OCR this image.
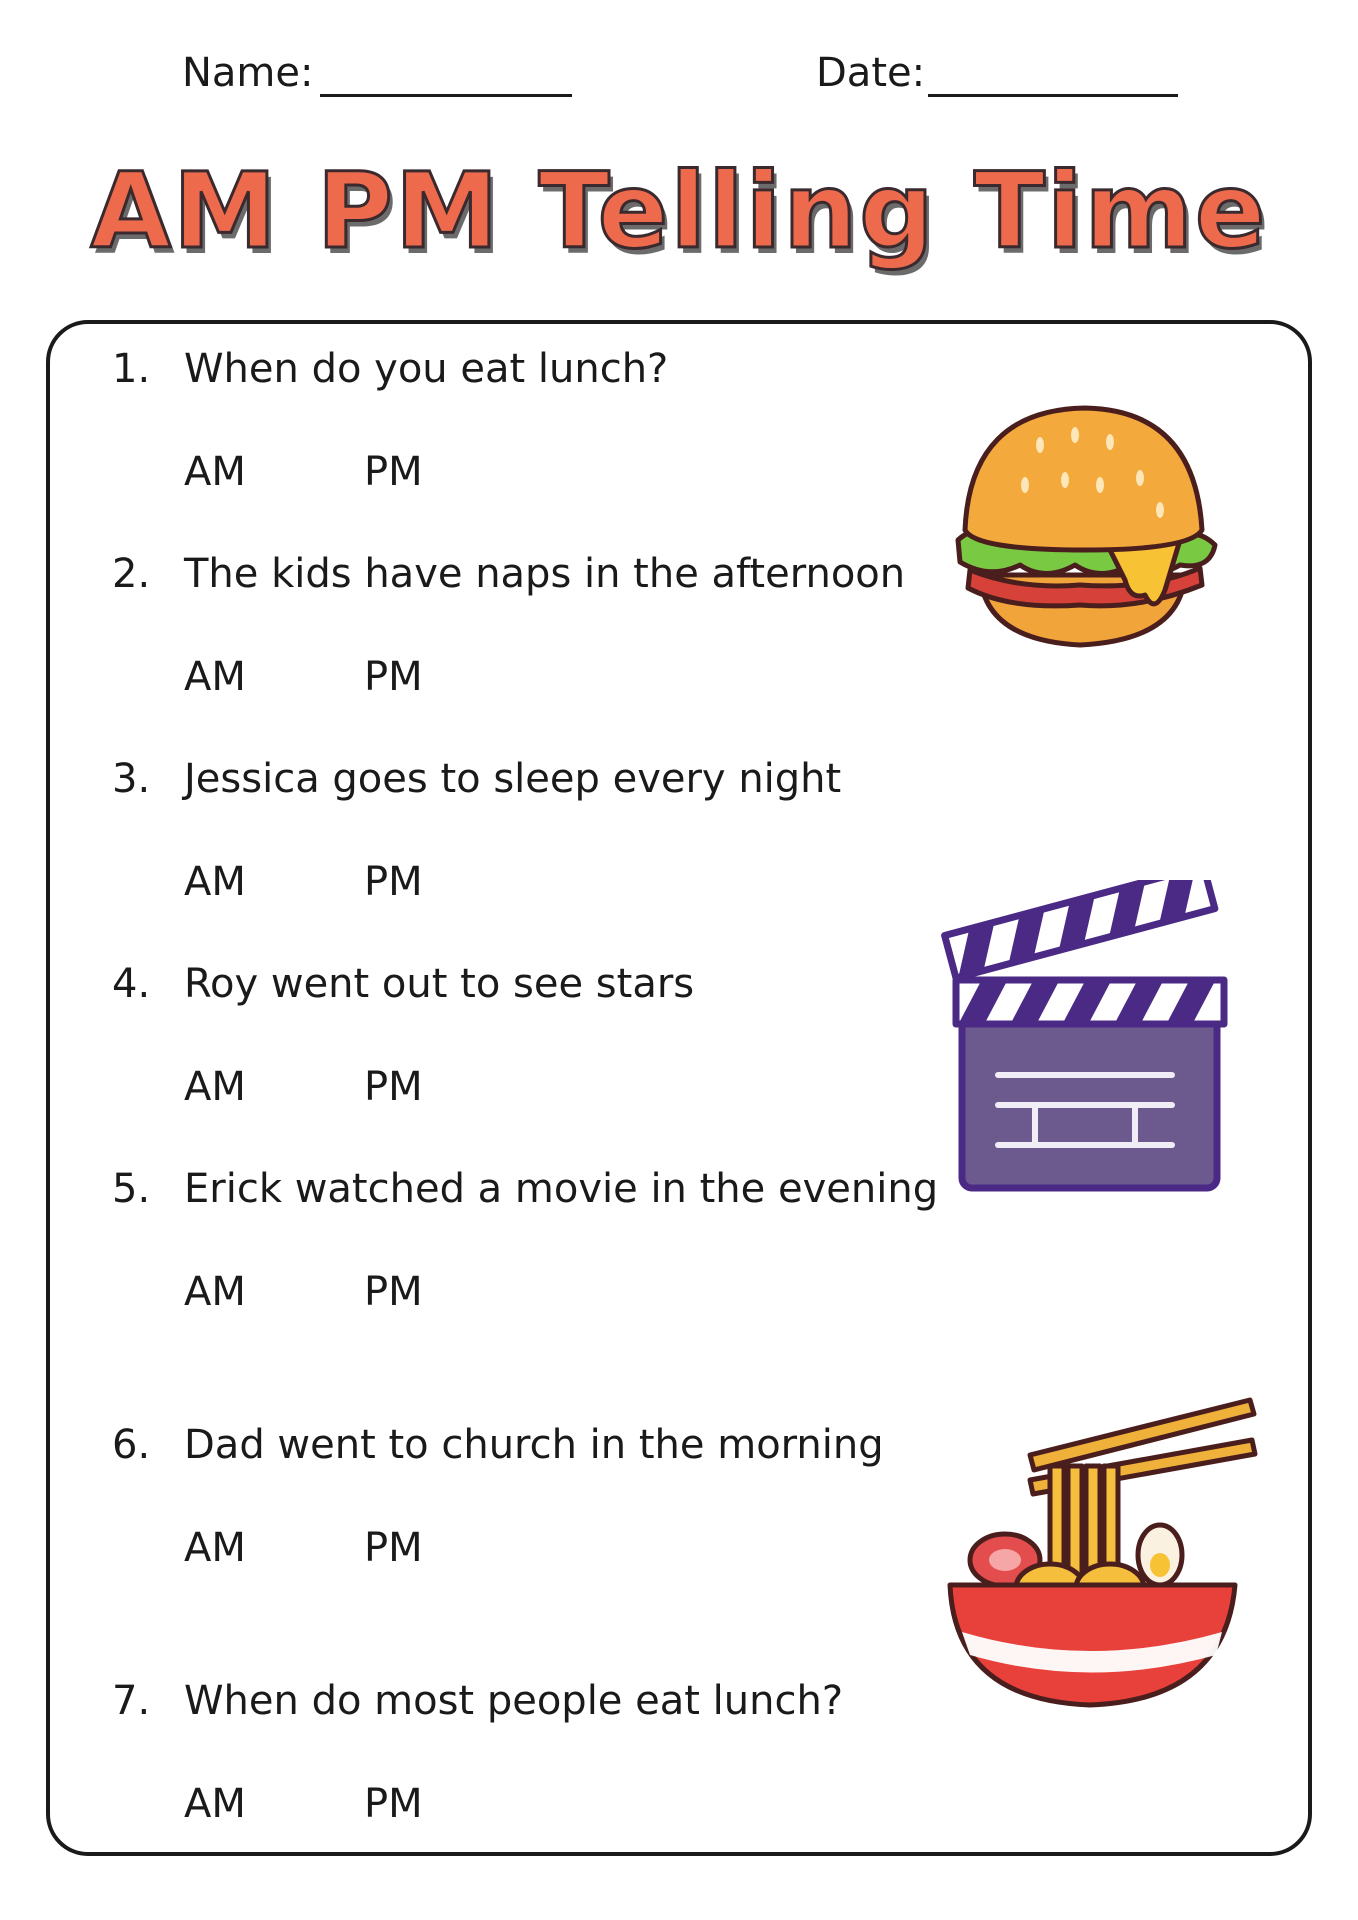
Name:	Date:
AM PM Telling Time
1. When do you eat lunch?
AM	PM
2. The kids have naps in the afternoon
AM	PM
3. Jessica goes to sleep every night
AM	PM
4. Roy went out to see stars
AM	PM
5. Erick watched a movie in the evening
AM	PM
6. Dad went to church in the morning
AM	PM
7. When do most people eat lunch?
AM	PM
